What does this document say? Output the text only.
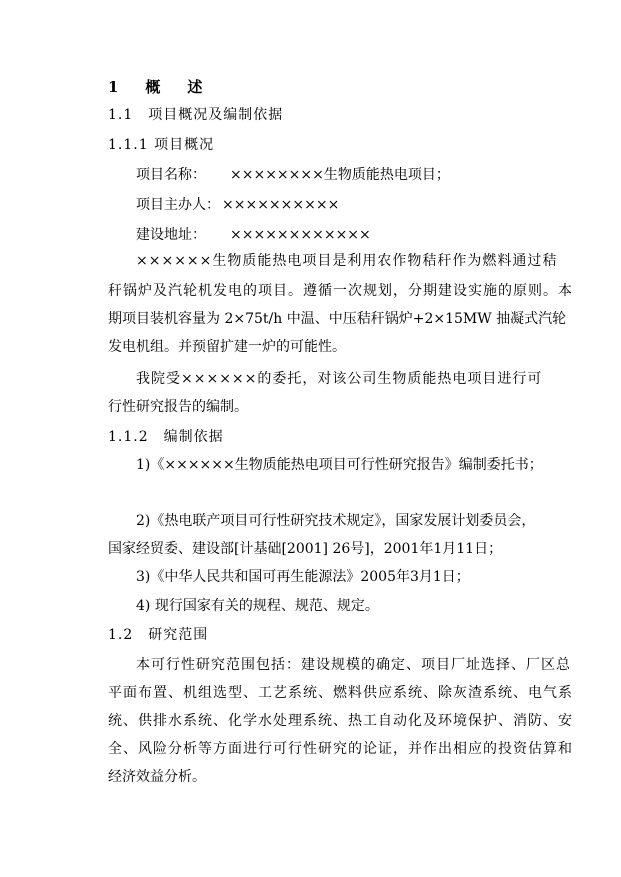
1　概　述
1.1　项目概况及编制依据
1.1.1 项目概况
项目名称： ××××××××生物质能热电项目；
项目主办人： ××××××××××
建设地址： ××××××××××××
××××××生物质能热电项目是利用农作物秸秆作为燃料通过秸
秆锅炉及汽轮机发电的项目。遵循一次规划，分期建设实施的原则。本
期项目装机容量为 2×75t/h 中温、中压秸秆锅炉+2×15MW 抽凝式汽轮
发电机组。并预留扩建一炉的可能性。
我院受××××××的委托，对该公司生物质能热电项目进行可
行性研究报告的编制。
1.1.2　编制依据
1)《××××××生物质能热电项目可行性研究报告》编制委托书；
2)《热电联产项目可行性研究技术规定》，国家发展计划委员会，
国家经贸委、建设部[计基础[2001] 26号]，2001年1月11日；
3)《中华人民共和国可再生能源法》2005年3月1日；
4) 现行国家有关的规程、规范、规定。
1.2　研究范围
本可行性研究范围包括：建设规模的确定、项目厂址选择、厂区总
平面布置、机组选型、工艺系统、燃料供应系统、除灰渣系统、电气系
统、供排水系统、化学水处理系统、热工自动化及环境保护、消防、安
全、风险分析等方面进行可行性研究的论证，并作出相应的投资估算和
经济效益分析。
